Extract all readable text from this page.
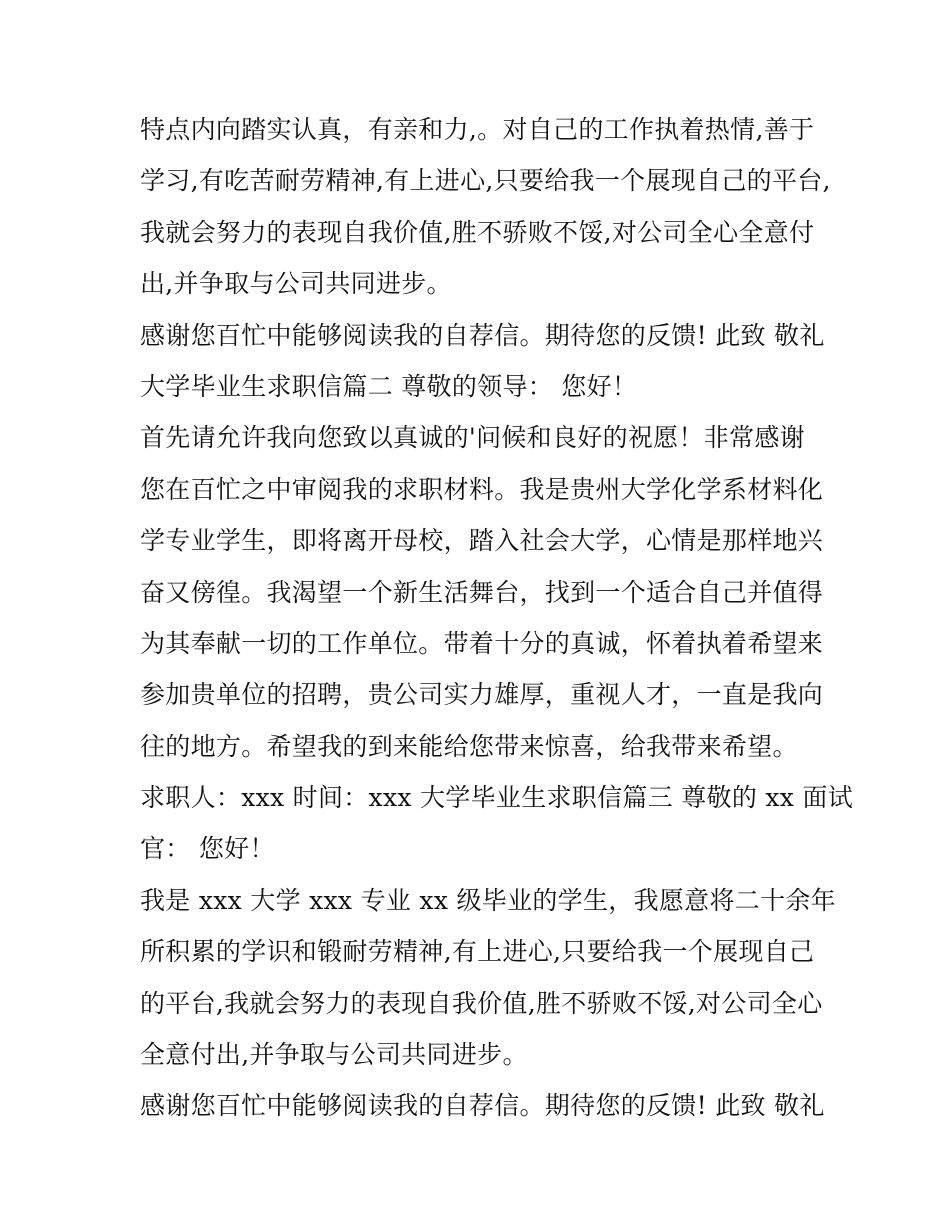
特点内向踏实认真，有亲和力,。对自己的工作执着热情,善于
学习,有吃苦耐劳精神,有上进心,只要给我一个展现自己的平台,
我就会努力的表现自我价值,胜不骄败不馁,对公司全心全意付
出,并争取与公司共同进步。
感谢您百忙中能够阅读我的自荐信。期待您的反馈! 此致 敬礼
大学毕业生求职信篇二 尊敬的领导： 您好！
首先请允许我向您致以真诚的'问候和良好的祝愿！非常感谢
您在百忙之中审阅我的求职材料。我是贵州大学化学系材料化
学专业学生，即将离开母校，踏入社会大学，心情是那样地兴
奋又傍徨。我渴望一个新生活舞台，找到一个适合自己并值得
为其奉献一切的工作单位。带着十分的真诚，怀着执着希望来
参加贵单位的招聘，贵公司实力雄厚，重视人才，一直是我向
往的地方。希望我的到来能给您带来惊喜，给我带来希望。
求职人：xxx 时间：xxx 大学毕业生求职信篇三 尊敬的 xx 面试
官： 您好！
我是 xxx 大学 xxx 专业 xx 级毕业的学生，我愿意将二十余年
所积累的学识和锻耐劳精神,有上进心,只要给我一个展现自己
的平台,我就会努力的表现自我价值,胜不骄败不馁,对公司全心
全意付出,并争取与公司共同进步。
感谢您百忙中能够阅读我的自荐信。期待您的反馈! 此致 敬礼
